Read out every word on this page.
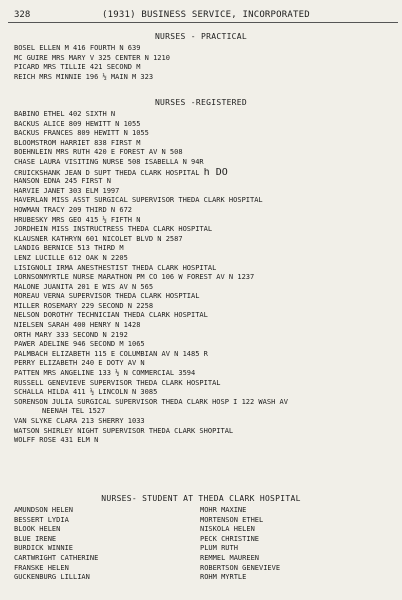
328	(1931) BUSINESS SERVICE, INCORPORATED
NURSES - PRACTICAL
BOSEL ELLEN M 416 FOURTH N 639
MC GUIRE MRS MARY V 325 CENTER N 1210
PICARD MRS TILLIE 421 SECOND M
REICH MRS MINNIE 196 ½ MAIN M 323
NURSES -REGISTERED
BABINO ETHEL 402 SIXTH N
BACKUS ALICE 809 HEWITT N 1055
BACKUS FRANCES 809 HEWITT N 1055
BLOOMSTROM HARRIET 838 FIRST M
BOEHNLEIN MRS RUTH 420 E FOREST AV N 508
CHASE LAURA VISITING NURSE 508 ISABELLA N 94R
CRUICKSHANK JEAN D SUPT THEDA CLARK HOSPITAL h DO
HANSON EDNA 245 FIRST N
HARVIE JANET 303 ELM 1997
HAVERLAN MISS ASST SURGICAL SUPERVISOR THEDA CLARK HOSPITAL
HOWMAN TRACY 209 THIRD N 672
HRUBESKY MRS GEO 415 ½ FIFTH N
JORDHEIN MISS INSTRUCTRESS THEDA CLARK HOSPITAL
KLAUSNER KATHRYN 601 NICOLET BLVD N 2587
LANDIG BERNICE 513 THIRD M
LENZ LUCILLE 612 OAK N 2205
LISIGNOLI IRMA ANESTHESTIST THEDA CLARK HOSPITAL
LORNSONMYRTLE NURSE MARATHON PM CO 106 W FOREST AV N 1237
MALONE JUANITA 201 E WIS AV N 565
MOREAU VERNA SUPERVISOR THEDA CLARK HOSPTIAL
MILLER ROSEMARY 229 SECOND N 2258
NELSON DOROTHY TECHNICIAN THEDA CLARK HOSPITAL
NIELSEN SARAH 400 HENRY N 1428
ORTH MARY 333 SECOND N 2192
PAWER ADELINE 946 SECOND M 1065
PALMBACH ELIZABETH 115 E COLUMBIAN AV N 1485 R
PERRY ELIZABETH 240 E DOTY AV N
PATTEN MRS ANGELINE 133 ½ N COMMERCIAL 3594
RUSSELL GENEVIEVE SUPERVISOR THEDA CLARK HOSPITAL
SCHALLA HILDA 411 ½ LINCOLN N 3085
SORENSON JULIA SURGICAL SUPERVISOR THEDA CLARK HOSP I 122 WASH AV
NEENAH TEL 1527
VAN SLYKE CLARA 213 SHERRY 1033
WATSON SHIRLEY NIGHT SUPERVISOR THEDA CLARK SHOPITAL
WOLFF ROSE 431 ELM N
NURSES- STUDENT AT THEDA CLARK HOSPITAL
AMUNDSON HELEN
BESSERT LYDIA
BLOOK HELEN
BLUE IRENE
BURDICK WINNIE
CARTWRIGHT CATHERINE
FRANSKE HELEN
GUCKENBURG LILLIAN
MOHR MAXINE
MORTENSON ETHEL
NISKOLA HELEN
PECK CHRISTINE
PLUM RUTH
REMMEL MAUREEN
ROBERTSON GENEVIEVE
ROHM MYRTLE
